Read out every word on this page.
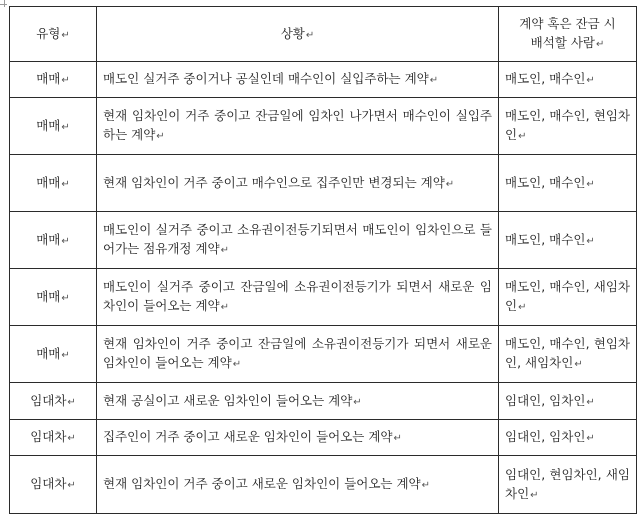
유형↵	상황↵	계약 혹은 잔금 시
배석할 사람↵
매매↵	매도인 실거주 중이거나 공실인데 매수인이 실입주하는 계약↵	매도인, 매수인↵
매매↵	현재 임차인이 거주 중이고 잔금일에 임차인 나가면서 매수인이 실입주하는 계약↵	매도인, 매수인, 현임차인↵
매매↵	현재 임차인이 거주 중이고 매수인으로 집주인만 변경되는 계약↵	매도인, 매수인↵
매매↵	매도인이 실거주 중이고 소유권이전등기되면서 매도인이 임차인으로 들어가는 점유개정 계약↵	매도인, 매수인↵
매매↵	매도인이 실거주 중이고 잔금일에 소유권이전등기가 되면서 새로운 임차인이 들어오는 계약↵	매도인, 매수인, 새임차인↵
매매↵	현재 임차인이 거주 중이고 잔금일에 소유권이전등기가 되면서 새로운 임차인이 들어오는 계약↵	매도인, 매수인, 현임차인, 새임차인↵
임대차↵	현재 공실이고 새로운 임차인이 들어오는 계약↵	임대인, 임차인↵
임대차↵	집주인이 거주 중이고 새로운 임차인이 들어오는 계약↵	임대인, 임차인↵
임대차↵	현재 임차인이 거주 중이고 새로운 임차인이 들어오는 계약↵	임대인, 현임차인, 새임차인↵
